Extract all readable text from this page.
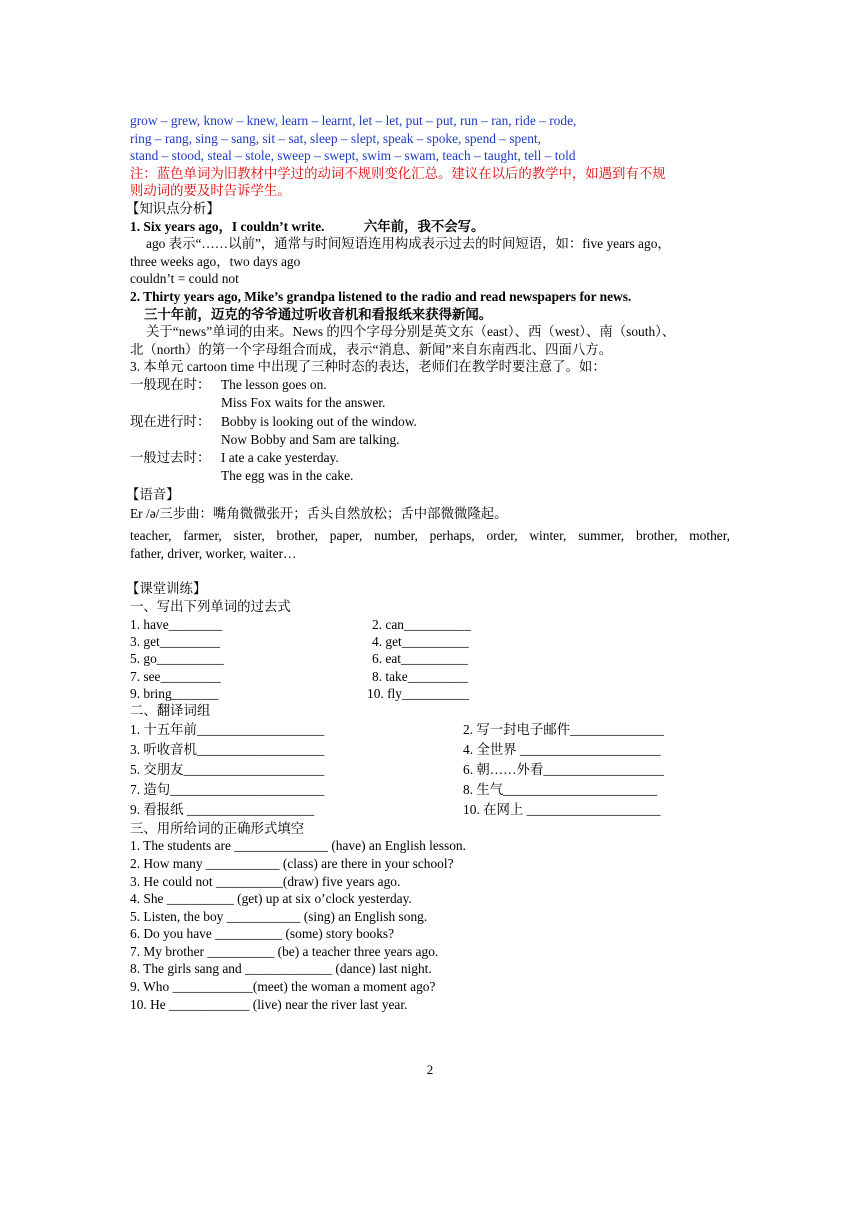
grow – grew, know – knew, learn – learnt, let – let, put – put, run – ran, ride – rode,
ring – rang, sing – sang, sit – sat, sleep – slept, speak – spoke, spend – spent,
stand – stood, steal – stole, sweep – swept, swim – swam, teach – taught, tell – told
注：蓝色单词为旧教材中学过的动词不规则变化汇总。建议在以后的教学中，如遇到有不规
则动词的要及时告诉学生。
【知识点分析】
1. Six years ago，I couldn’t write.	六年前，我不会写。
ago 表示“……以前”，通常与时间短语连用构成表示过去的时间短语，如：five years ago，
three weeks ago，two days ago
couldn’t = could not
2. Thirty years ago, Mike’s grandpa listened to the radio and read newspapers for news.
三十年前，迈克的爷爷通过听收音机和看报纸来获得新闻。
关于“news”单词的由来。News 的四个字母分别是英文东（east）、西（west）、南（south）、
北（north）的第一个字母组合而成，表示“消息、新闻”来自东南西北、四面八方。
3. 本单元 cartoon time 中出现了三种时态的表达，老师们在教学时要注意了。如：
一般现在时： The lesson goes on.
Miss Fox waits for the answer.
现在进行时： Bobby is looking out of the window.
Now Bobby and Sam are talking.
一般过去时： I ate a cake yesterday.
The egg was in the cake.
【语音】
Er /ə/三步曲：嘴角微微张开；舌头自然放松；舌中部微微隆起。
teacher, farmer, sister, brother, paper, number, perhaps, order, winter, summer, brother, mother,
father, driver, worker, waiter…
【课堂训练】
一、写出下列单词的过去式
1. have________	2. can__________
3. get_________	4. get__________
5. go__________	6. eat__________
7. see_________	8. take_________
9. bring_______	10. fly__________
二、翻译词组
1. 十五年前___________________	2. 写一封电子邮件______________
3. 听收音机___________________	4. 全世界 _____________________
5. 交朋友_____________________	6. 朝……外看__________________
7. 造句_______________________	8. 生气_______________________
9. 看报纸 ___________________	10. 在网上 ____________________
三、用所给词的正确形式填空
1. The students are ______________ (have) an English lesson.
2. How many ___________ (class) are there in your school?
3. He could not __________(draw) five years ago.
4. She __________ (get) up at six o’clock yesterday.
5. Listen, the boy ___________ (sing) an English song.
6. Do you have __________ (some) story books?
7. My brother __________ (be) a teacher three years ago.
8. The girls sang and _____________ (dance) last night.
9. Who ____________(meet) the woman a moment ago?
10. He ____________ (live) near the river last year.
2
